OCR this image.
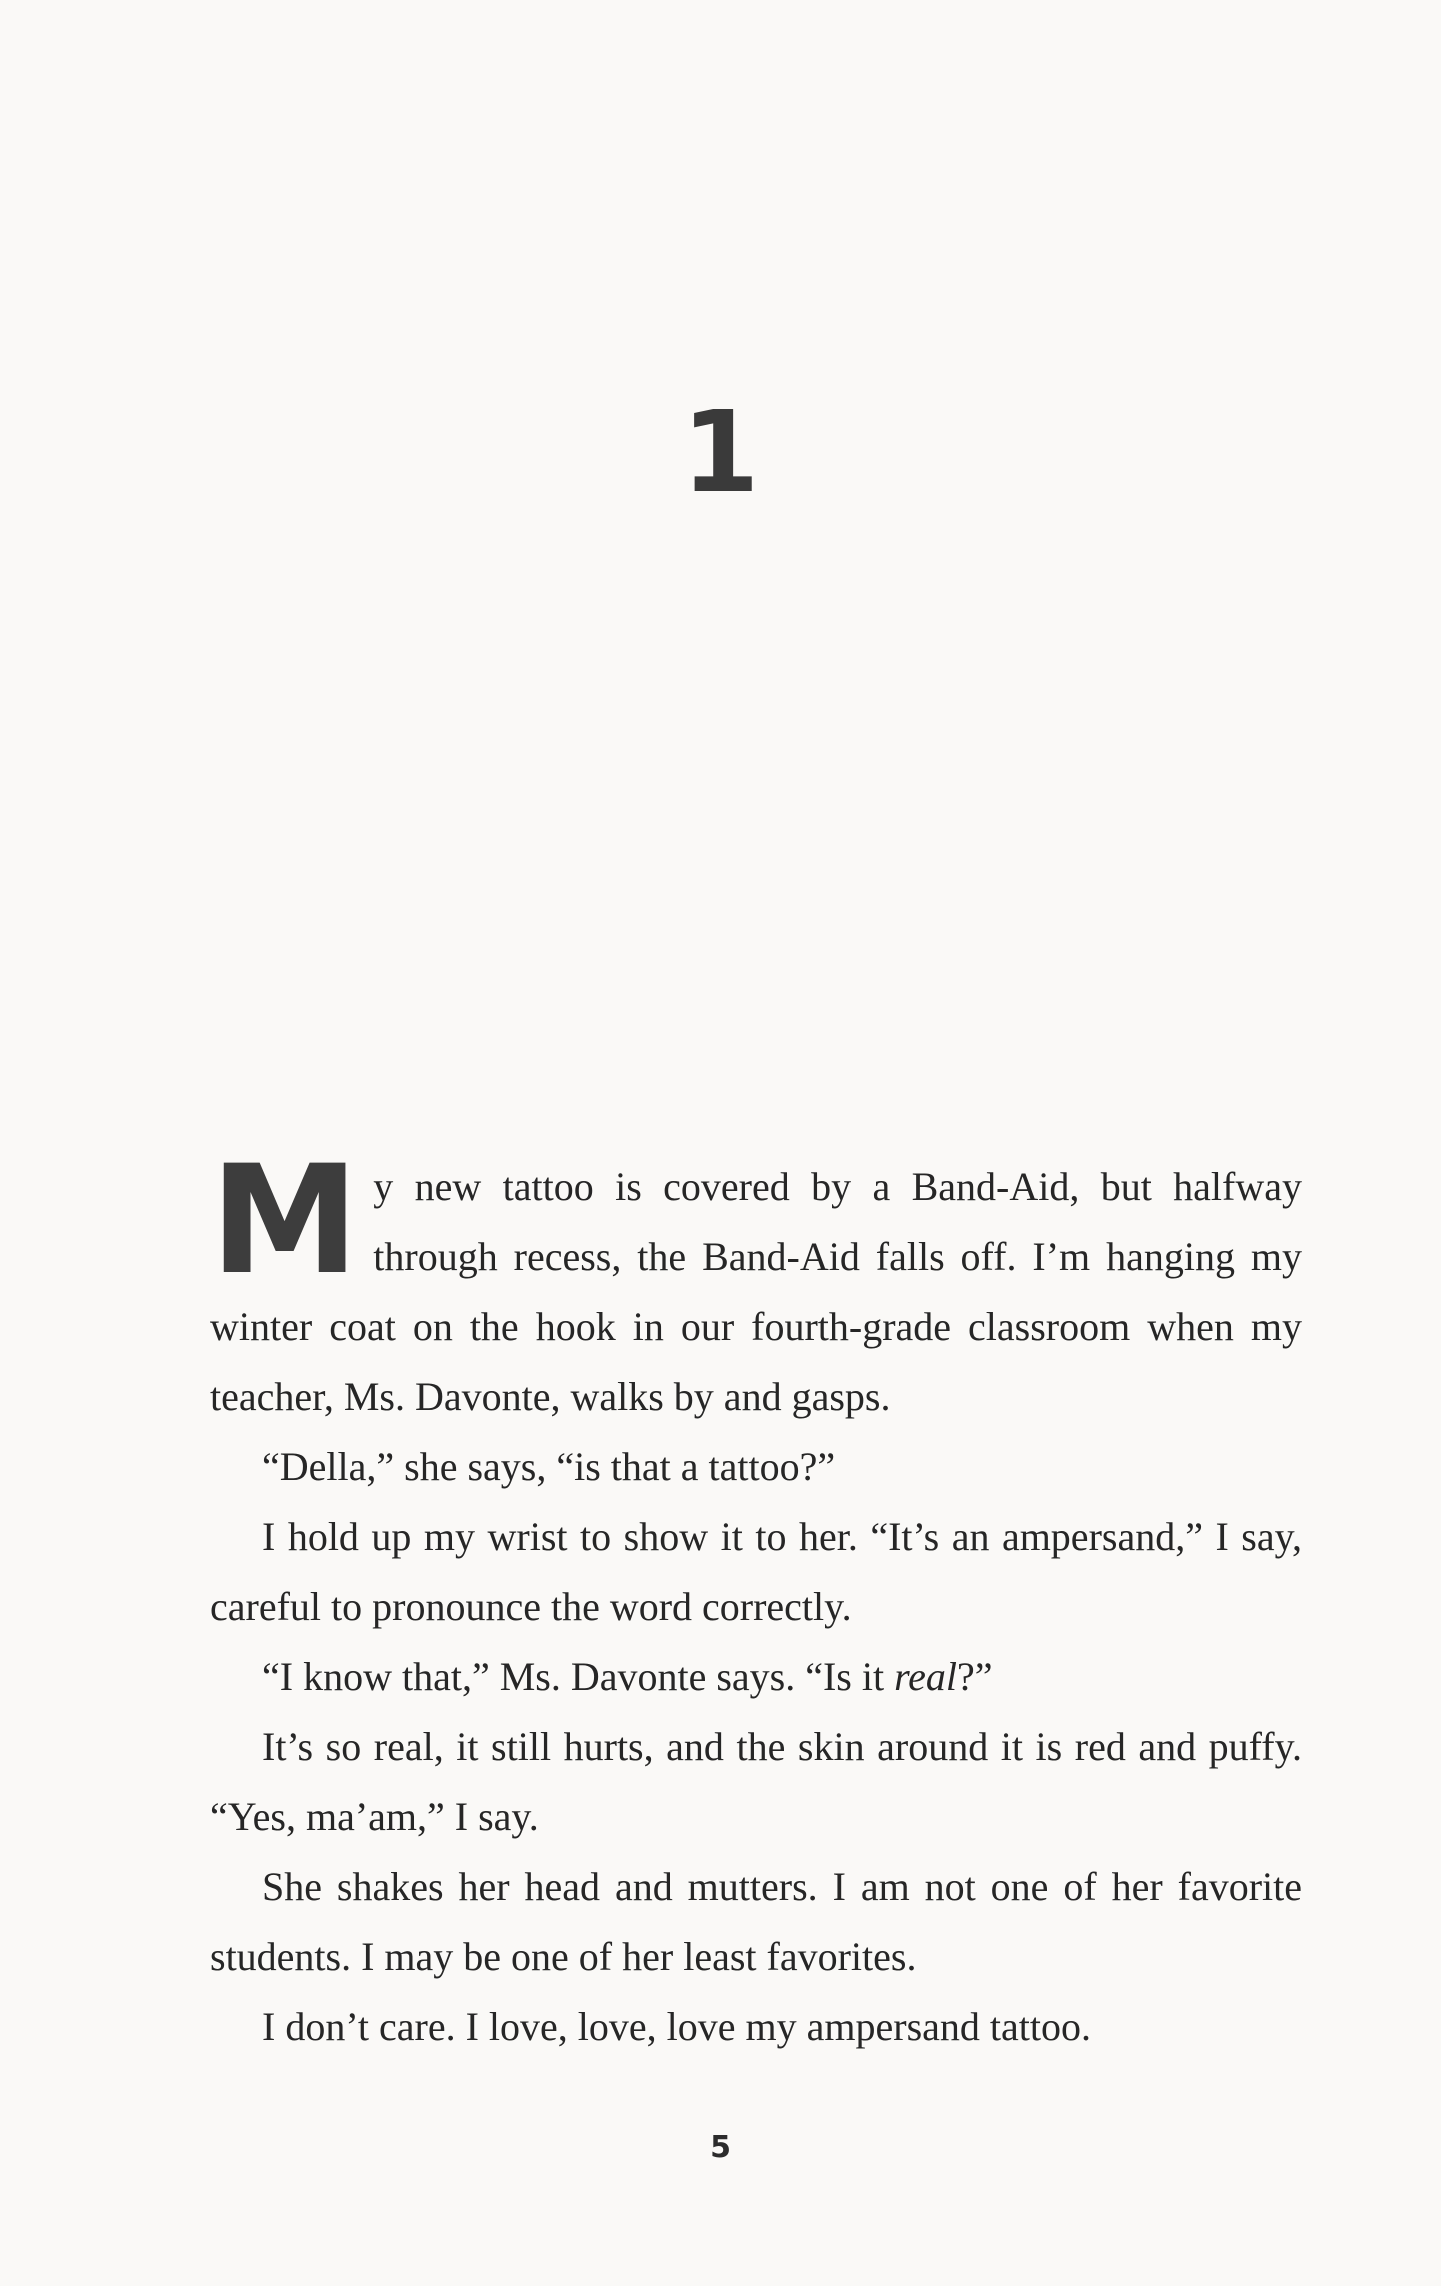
1

My new tattoo is covered by a Band-Aid, but halfway through recess, the Band-Aid falls off. I’m hanging my winter coat on the hook in our fourth-grade classroom when my teacher, Ms. Davonte, walks by and gasps.

“Della,” she says, “is that a tattoo?”

I hold up my wrist to show it to her. “It’s an ampersand,” I say, careful to pronounce the word correctly.

“I know that,” Ms. Davonte says. “Is it real?”

It’s so real, it still hurts, and the skin around it is red and puffy. “Yes, ma’am,” I say.

She shakes her head and mutters. I am not one of her favorite students. I may be one of her least favorites.

I don’t care. I love, love, love my ampersand tattoo.

5
